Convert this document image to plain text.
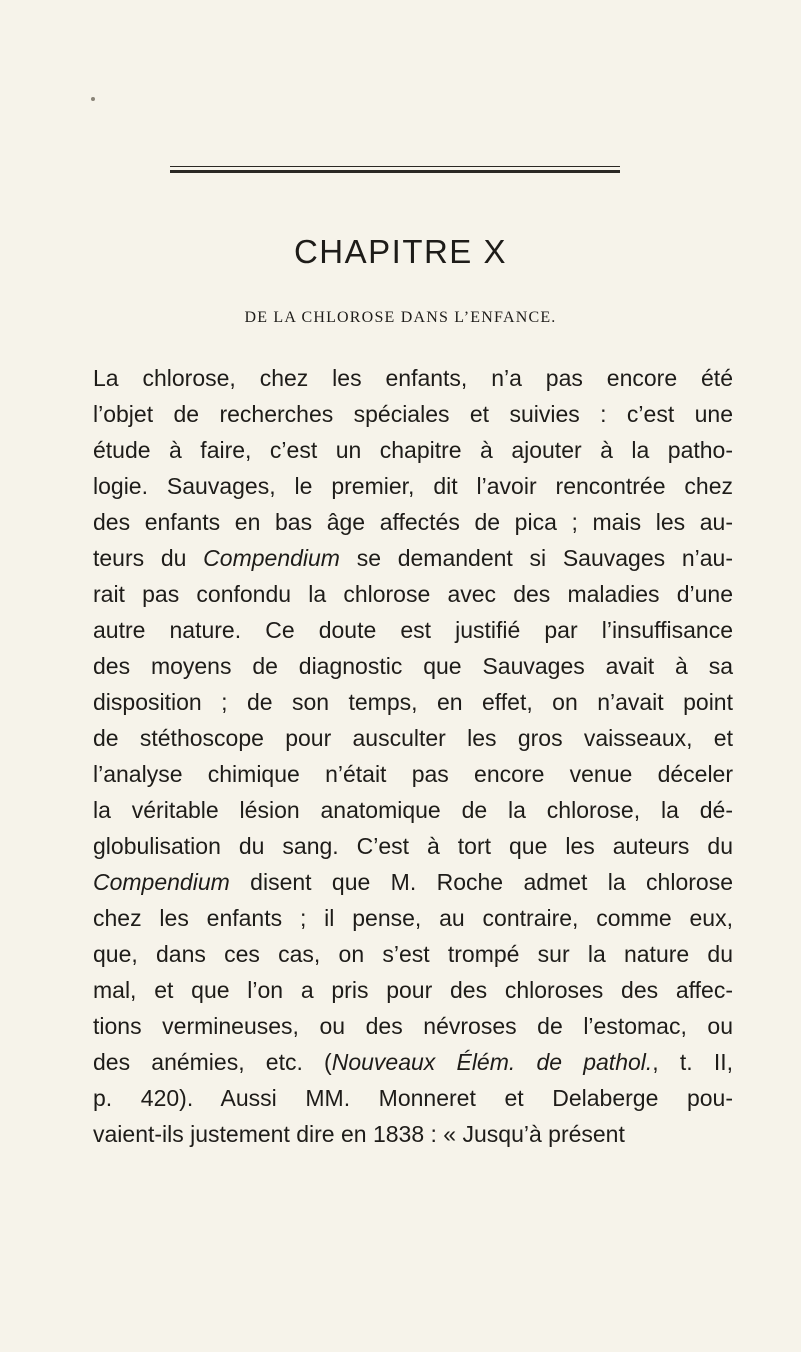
CHAPITRE X
DE LA CHLOROSE DANS L’ENFANCE.
La chlorose, chez les enfants, n’a pas encore été
l’objet de recherches spéciales et suivies : c’est une
étude à faire, c’est un chapitre à ajouter à la patho-
logie. Sauvages, le premier, dit l’avoir rencontrée chez
des enfants en bas âge affectés de pica ; mais les au-
teurs du Compendium se demandent si Sauvages n’au-
rait pas confondu la chlorose avec des maladies d’une
autre nature. Ce doute est justifié par l’insuffisance
des moyens de diagnostic que Sauvages avait à sa
disposition ; de son temps, en effet, on n’avait point
de stéthoscope pour ausculter les gros vaisseaux, et
l’analyse chimique n’était pas encore venue déceler
la véritable lésion anatomique de la chlorose, la dé-
globulisation du sang. C’est à tort que les auteurs du
Compendium disent que M. Roche admet la chlorose
chez les enfants ; il pense, au contraire, comme eux,
que, dans ces cas, on s’est trompé sur la nature du
mal, et que l’on a pris pour des chloroses des affec-
tions vermineuses, ou des névroses de l’estomac, ou
des anémies, etc. (Nouveaux Élém. de pathol., t. II,
p. 420). Aussi MM. Monneret et Delaberge pou-
vaient-ils justement dire en 1838 : « Jusqu’à présent
